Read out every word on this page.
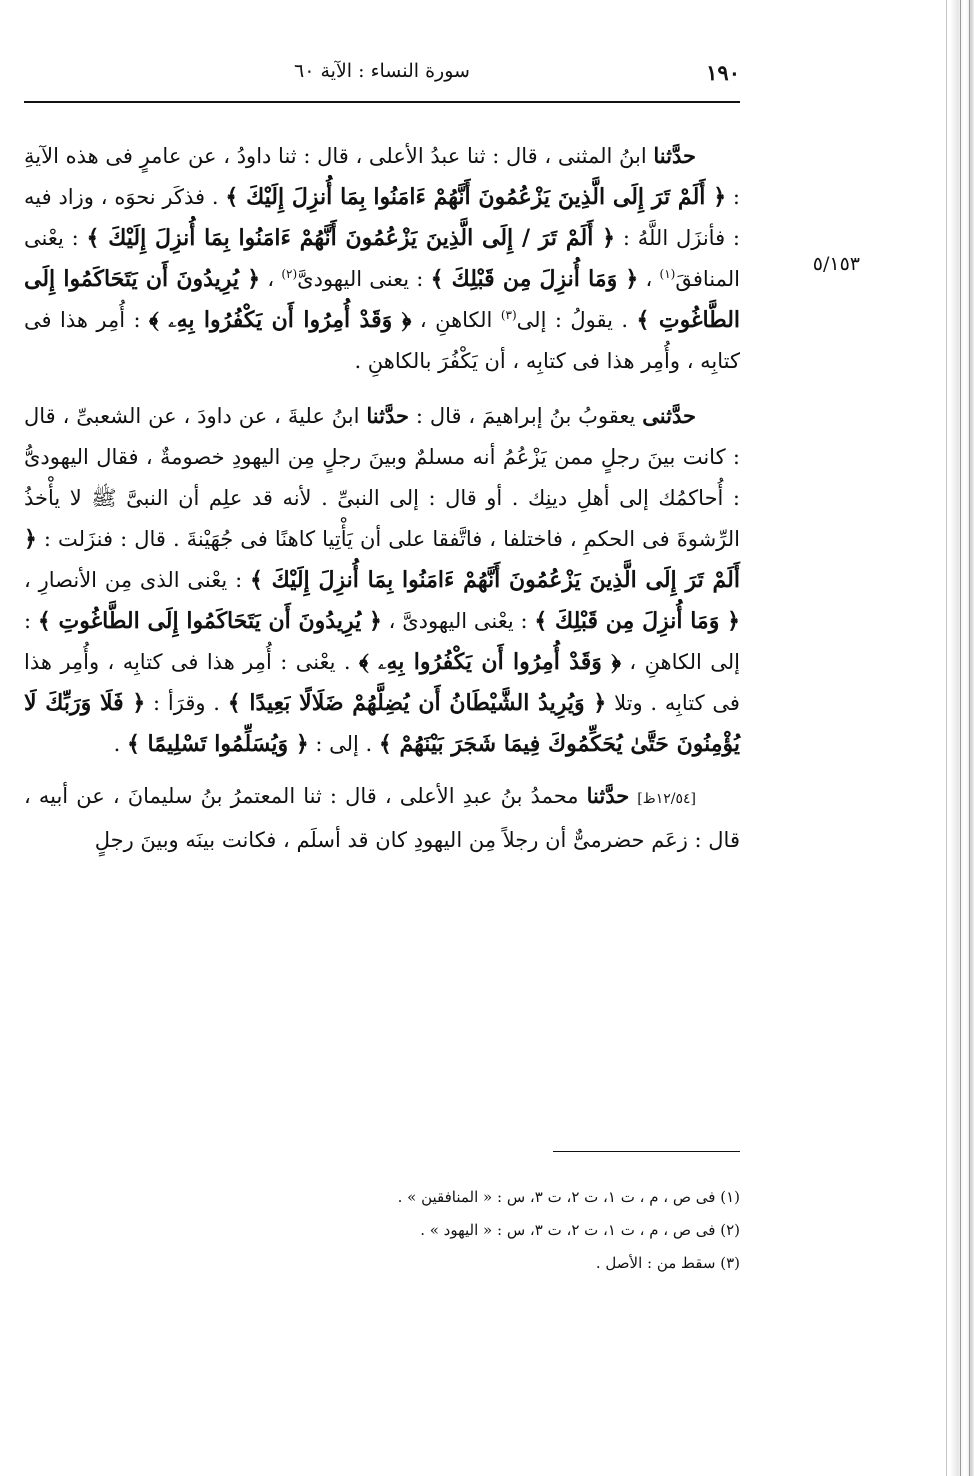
١٩٠
سورة النساء : الآية ٦٠
٥/١٥٣

حدَّثنا ابنُ المثنى ، قال : ثنا عبدُ الأعلى ، قال : ثنا داودُ ، عن عامرٍ فى هذه الآيةِ : ﴿ أَلَمْ تَرَ إِلَى الَّذِينَ يَزْعُمُونَ أَنَّهُمْ ءَامَنُوا بِمَا أُنزِلَ إِلَيْكَ ﴾ . فذكَر نحوَه ، وزاد فيه : فأنزَل اللَّهُ : ﴿ أَلَمْ تَرَ / إِلَى الَّذِينَ يَزْعُمُونَ أَنَّهُمْ ءَامَنُوا بِمَا أُنزِلَ إِلَيْكَ ﴾ : يعْنى المنافقَ$^{(١)}$ ، ﴿ وَمَا أُنزِلَ مِن قَبْلِكَ ﴾ : يعنى اليهودىَّ$^{(٢)}$ ، ﴿ يُرِيدُونَ أَن يَتَحَاكَمُوا إِلَى الطَّاغُوتِ ﴾ . يقولُ : إلى$^{(٣)}$ الكاهنِ ، ﴿ وَقَدْ أُمِرُوا أَن يَكْفُرُوا بِهِۦ ﴾ : أُمِر هذا فى كتابِه ، وأُمِر هذا فى كتابِه ، أن يَكْفُرَ بالكاهنِ .

حدَّثنى يعقوبُ بنُ إبراهيمَ ، قال : حدَّثنا ابنُ عليةَ ، عن داودَ ، عن الشعبىِّ ، قال : كانت بينَ رجلٍ ممن يَزْعُمُ أنه مسلمٌ وبينَ رجلٍ مِن اليهودِ خصومةٌ ، فقال اليهودىُّ : أُحاكمُك إلى أهلِ دينِك . أو قال : إلى النبىِّ . لأنه قد علِم أن النبىَّ ﷺ لا يأْخذُ الرِّشوةَ فى الحكمِ ، فاختلفا ، فاتَّفقا على أن يَأْتِيا كاهنًا فى جُهَيْنةَ . قال : فنزَلت : ﴿ أَلَمْ تَرَ إِلَى الَّذِينَ يَزْعُمُونَ أَنَّهُمْ ءَامَنُوا بِمَا أُنزِلَ إِلَيْكَ ﴾ : يعْنى الذى مِن الأنصارِ ، ﴿ وَمَا أُنزِلَ مِن قَبْلِكَ ﴾ : يعْنى اليهودىَّ ، ﴿ يُرِيدُونَ أَن يَتَحَاكَمُوا إِلَى الطَّاغُوتِ ﴾ : إلى الكاهنِ ، ﴿ وَقَدْ أُمِرُوا أَن يَكْفُرُوا بِهِۦ ﴾ . يعْنى : أُمِر هذا فى كتابِه ، وأُمِر هذا فى كتابِه . وتلا ﴿ وَيُرِيدُ الشَّيْطَانُ أَن يُضِلَّهُمْ ضَلَالًا بَعِيدًا ﴾ . وقرَأ : ﴿ فَلَا وَرَبِّكَ لَا يُؤْمِنُونَ حَتَّىٰ يُحَكِّمُوكَ فِيمَا شَجَرَ بَيْنَهُمْ ﴾ . إلى : ﴿ وَيُسَلِّمُوا تَسْلِيمًا ﴾ .

[١٢/٥٤ظ] حدَّثنا محمدُ بنُ عبدِ الأعلى ، قال : ثنا المعتمرُ بنُ سليمانَ ، عن أبيه ، قال : زعَم حضرمىٌّ أن رجلاً مِن اليهودِ كان قد أسلَم ، فكانت بينَه وبينَ رجلٍ

(١) فى ص ، م ، ت ١، ت ٢، ت ٣، س : « المنافقين » .
(٢) فى ص ، م ، ت ١، ت ٢، ت ٣، س : « اليهود » .
(٣) سقط من : الأصل .
